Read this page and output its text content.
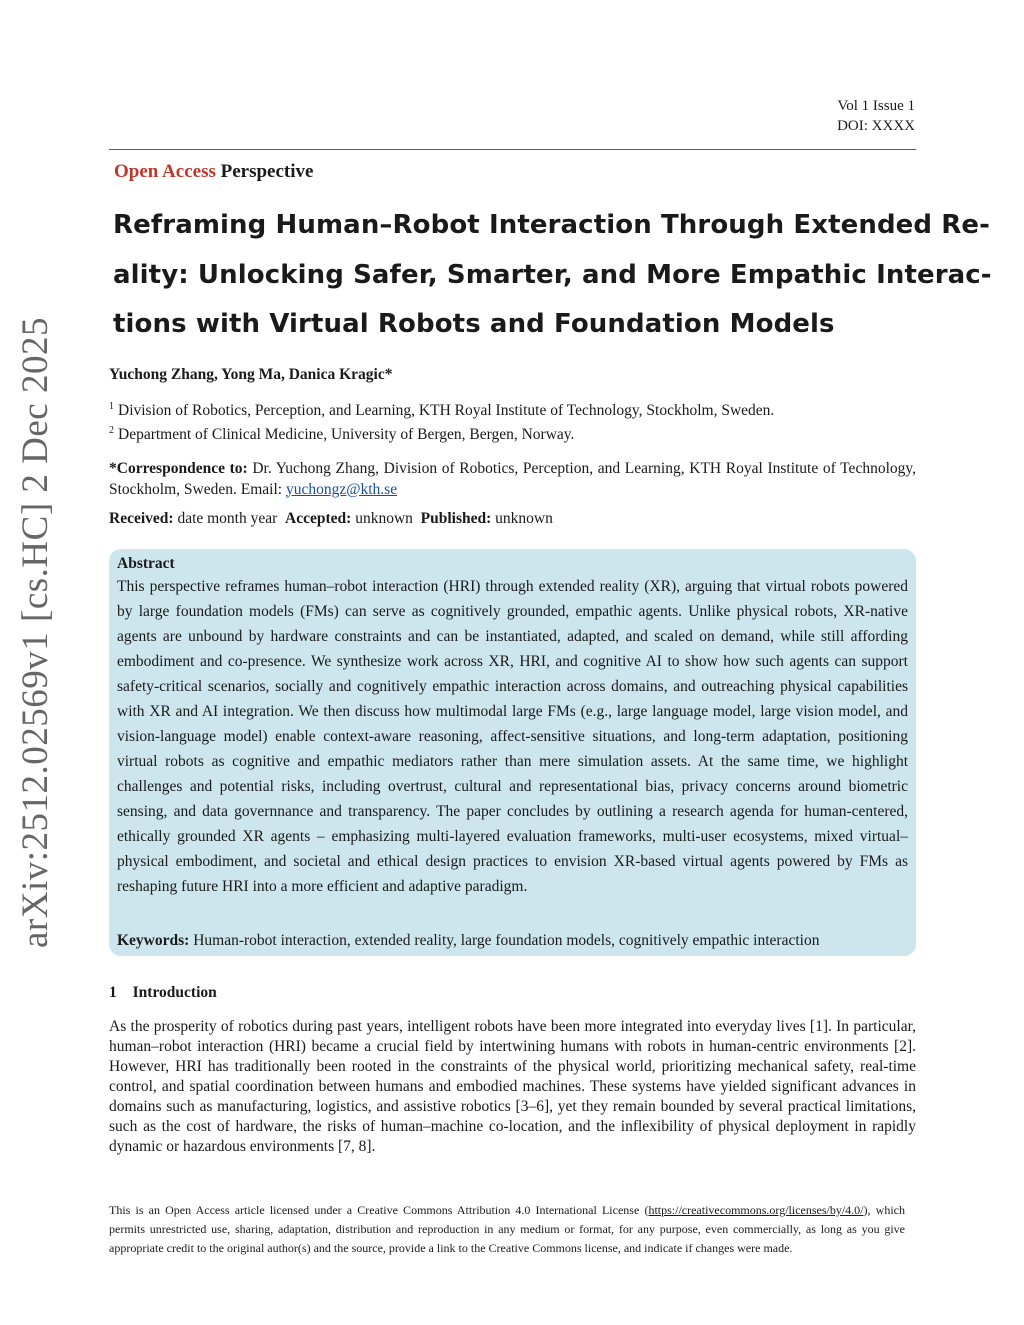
Vol 1 Issue 1
DOI: XXXX
Open Access Perspective
Reframing Human–Robot Interaction Through Extended Re-
ality: Unlocking Safer, Smarter, and More Empathic Interac-
tions with Virtual Robots and Foundation Models
Yuchong Zhang, Yong Ma, Danica Kragic*
$^1$ Division of Robotics, Perception, and Learning, KTH Royal Institute of Technology, Stockholm, Sweden.
$^2$ Department of Clinical Medicine, University of Bergen, Bergen, Norway.
*Correspondence to: Dr. Yuchong Zhang, Division of Robotics, Perception, and Learning, KTH Royal Institute of Technology, Stockholm, Sweden. Email: yuchongz@kth.se
Received: date month year Accepted: unknown Published: unknown
Abstract
This perspective reframes human–robot interaction (HRI) through extended reality (XR), arguing that virtual robots powered by large foundation models (FMs) can serve as cognitively grounded, empathic agents. Unlike physical robots, XR-native agents are unbound by hardware constraints and can be instantiated, adapted, and scaled on demand, while still affording embodiment and co-presence. We synthesize work across XR, HRI, and cognitive AI to show how such agents can support safety-critical scenarios, socially and cognitively empathic interaction across domains, and outreaching physical capabilities with XR and AI integration. We then discuss how multimodal large FMs (e.g., large language model, large vision model, and vision-language model) enable context-aware reasoning, affect-sensitive situations, and long-term adaptation, positioning virtual robots as cognitive and empathic mediators rather than mere simulation assets. At the same time, we highlight challenges and potential risks, including overtrust, cultural and representational bias, privacy concerns around biometric sensing, and data governnance and transparency. The paper concludes by outlining a research agenda for human-centered, ethically grounded XR agents – emphasizing multi-layered evaluation frameworks, multi-user ecosystems, mixed virtual–physical embodiment, and societal and ethical design practices to envision XR-based virtual agents powered by FMs as reshaping future HRI into a more efficient and adaptive paradigm.
Keywords: Human-robot interaction, extended reality, large foundation models, cognitively empathic interaction
1 Introduction
As the prosperity of robotics during past years, intelligent robots have been more integrated into everyday lives [1]. In particular, human–robot interaction (HRI) became a crucial field by intertwining humans with robots in human-centric environments [2]. However, HRI has traditionally been rooted in the constraints of the physical world, prioritizing mechanical safety, real-time control, and spatial coordination between humans and embodied machines. These systems have yielded significant advances in domains such as manufacturing, logistics, and assistive robotics [3–6], yet they remain bounded by several practical limitations, such as the cost of hardware, the risks of human–machine co-location, and the inflexibility of physical deployment in rapidly dynamic or hazardous environments [7, 8].
This is an Open Access article licensed under a Creative Commons Attribution 4.0 International License (https://creativecommons.org/licenses/by/4.0/), which permits unrestricted use, sharing, adaptation, distribution and reproduction in any medium or format, for any purpose, even commercially, as long as you give appropriate credit to the original author(s) and the source, provide a link to the Creative Commons license, and indicate if changes were made.
arXiv:2512.02569v1 [cs.HC] 2 Dec 2025
